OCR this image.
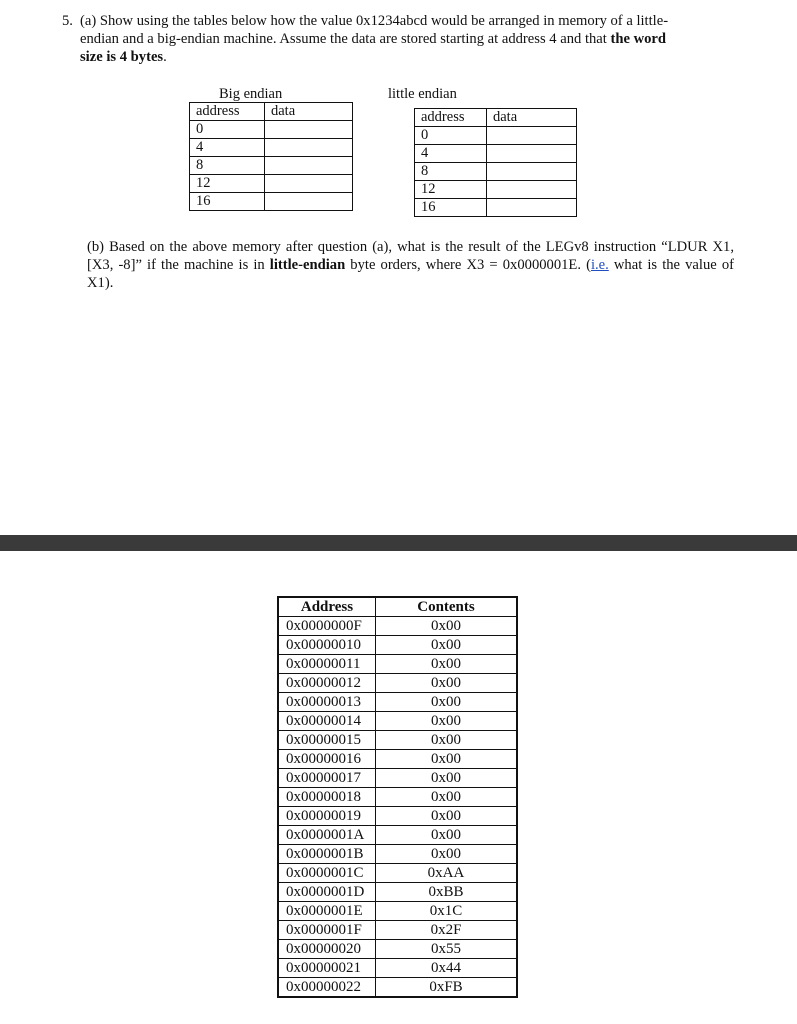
5. (a) Show using the tables below how the value 0x1234abcd would be arranged in memory of a little-
endian and a big-endian machine. Assume the data are stored starting at address 4 and that the word
size is 4 bytes.
Big endian
address	data
0	
4	
8	
12	
16	
little endian
address	data
0	
4	
8	
12	
16	
(b) Based on the above memory after question (a), what is the result of the LEGv8 instruction “LDUR X1, [X3, -8]” if the machine is in little-endian byte orders, where X3 = 0x0000001E. (i.e. what is the value of X1).
Address	Contents
0x0000000F	0x00
0x00000010	0x00
0x00000011	0x00
0x00000012	0x00
0x00000013	0x00
0x00000014	0x00
0x00000015	0x00
0x00000016	0x00
0x00000017	0x00
0x00000018	0x00
0x00000019	0x00
0x0000001A	0x00
0x0000001B	0x00
0x0000001C	0xAA
0x0000001D	0xBB
0x0000001E	0x1C
0x0000001F	0x2F
0x00000020	0x55
0x00000021	0x44
0x00000022	0xFB
